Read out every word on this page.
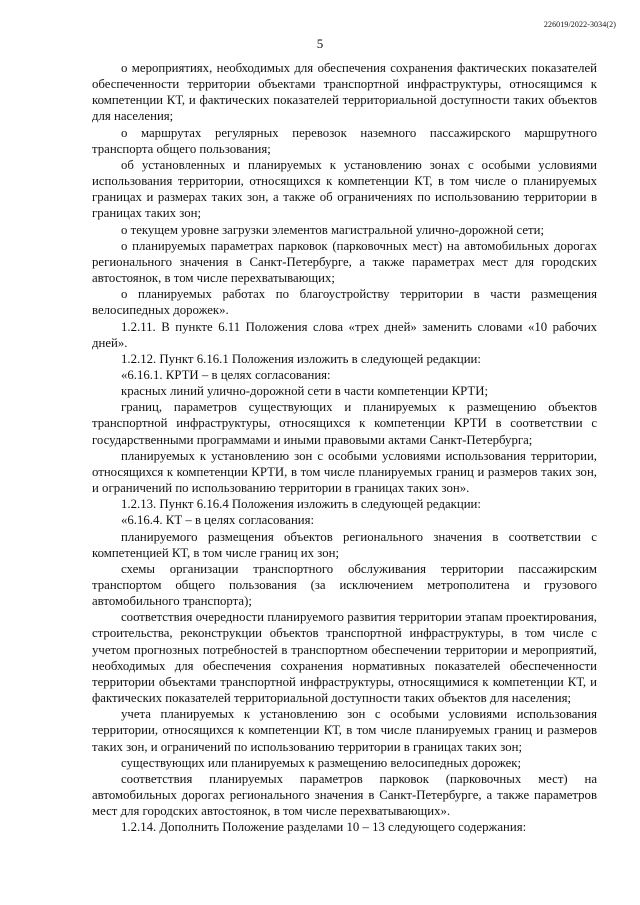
226019/2022-3034(2)
5

о мероприятиях, необходимых для обеспечения сохранения фактических показателей обеспеченности территории объектами транспортной инфраструктуры, относящимся к компетенции КТ, и фактических показателей территориальной доступности таких объектов для населения;

о маршрутах регулярных перевозок наземного пассажирского маршрутного транспорта общего пользования;

об установленных и планируемых к установлению зонах с особыми условиями использования территории, относящихся к компетенции КТ, в том числе о планируемых границах и размерах таких зон, а также об ограничениях по использованию территории в границах таких зон;

о текущем уровне загрузки элементов магистральной улично-дорожной сети;

о планируемых параметрах парковок (парковочных мест) на автомобильных дорогах регионального значения в Санкт-Петербурге, а также параметрах мест для городских автостоянок, в том числе перехватывающих;

о планируемых работах по благоустройству территории в части размещения велосипедных дорожек».

1.2.11. В пункте 6.11 Положения слова «трех дней» заменить словами «10 рабочих дней».

1.2.12. Пункт 6.16.1 Положения изложить в следующей редакции:

«6.16.1. КРТИ – в целях согласования:

красных линий улично-дорожной сети в части компетенции КРТИ;

границ, параметров существующих и планируемых к размещению объектов транспортной инфраструктуры, относящихся к компетенции КРТИ в соответствии с государственными программами и иными правовыми актами Санкт-Петербурга;

планируемых к установлению зон с особыми условиями использования территории, относящихся к компетенции КРТИ, в том числе планируемых границ и размеров таких зон, и ограничений по использованию территории в границах таких зон».

1.2.13. Пункт 6.16.4 Положения изложить в следующей редакции:

«6.16.4. КТ – в целях согласования:

планируемого размещения объектов регионального значения в соответствии с компетенцией КТ, в том числе границ их зон;

схемы организации транспортного обслуживания территории пассажирским транспортом общего пользования (за исключением метрополитена и грузового автомобильного транспорта);

соответствия очередности планируемого развития территории этапам проектирования, строительства, реконструкции объектов транспортной инфраструктуры, в том числе с учетом прогнозных потребностей в транспортном обеспечении территории и мероприятий, необходимых для обеспечения сохранения нормативных показателей обеспеченности территории объектами транспортной инфраструктуры, относящимися к компетенции КТ, и фактических показателей территориальной доступности таких объектов для населения;

учета планируемых к установлению зон с особыми условиями использования территории, относящихся к компетенции КТ, в том числе планируемых границ и размеров таких зон, и ограничений по использованию территории в границах таких зон;

существующих или планируемых к размещению велосипедных дорожек;

соответствия планируемых параметров парковок (парковочных мест) на автомобильных дорогах регионального значения в Санкт-Петербурге, а также параметров мест для городских автостоянок, в том числе перехватывающих».

1.2.14. Дополнить Положение разделами 10 – 13 следующего содержания:
